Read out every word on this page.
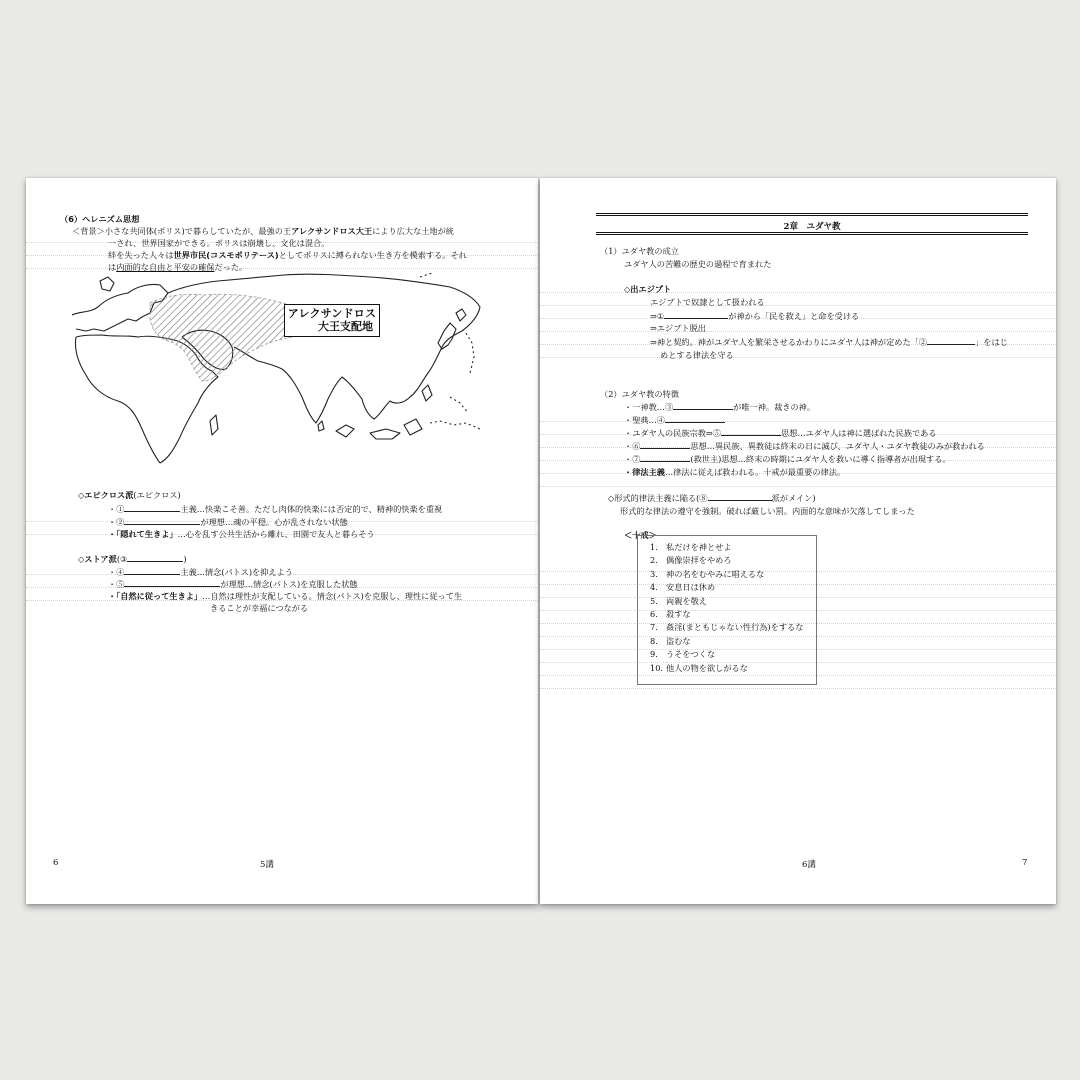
（6）ヘレニズム思想
＜背景＞小さな共同体(ポリス)で暮らしていたが、最強の王アレクサンドロス大王により広大な土地が統
一され、世界国家ができる。ポリスは崩壊し、文化は混合。
絆を失った人々は世界市民(コスモポリテース)としてポリスに縛られない生き方を模索する。それ
は内面的な自由と平安の確保だった。
アレクサンドロス
大王支配地
◇エピクロス派(エピクロス)
・①	主義…快楽こそ善。ただし肉体的快楽には否定的で、精神的快楽を重視
・②	が理想…魂の平穏。心が乱されない状態
・「隠れて生きよ」…心を乱す公共生活から離れ、田園で友人と暮らそう
◇ストア派(③	)
・④	主義…情念(パトス)を抑えよう
・⑤	が理想…情念(パトス)を克服した状態
・「自然に従って生きよ」…自然は理性が支配している。情念(パトス)を克服し、理性に従って生
きることが幸福につながる
6	5講
2章　ユダヤ教
（1）ユダヤ教の成立
ユダヤ人の苦難の歴史の過程で育まれた
◇出エジプト
エジプトで奴隷として扱われる
⇒①	が神から「民を救え」と命を受ける
⇒エジプト脱出
⇒神と契約。神がユダヤ人を繁栄させるかわりにユダヤ人は神が定めた「②	」をはじ
めとする律法を守る
（2）ユダヤ教の特徴
・一神教…③	が唯一神。裁きの神。
・聖典…④
・ユダヤ人の民族宗教⇒⑤	思想…ユダヤ人は神に選ばれた民族である
・⑥	思想…異民族、異教徒は終末の日に滅び、ユダヤ人・ユダヤ教徒のみが救われる
・⑦	(救世主)思想…終末の時期にユダヤ人を救いに導く指導者が出現する。
・律法主義…律法に従えば救われる。十戒が最重要の律法。
◇形式的律法主義に陥る(⑧	派がメイン)
形式的な律法の遵守を強制。破れば厳しい罰。内面的な意味が欠落してしまった
＜十戒＞
1. 私だけを神とせよ
2. 偶像崇拝をやめろ
3. 神の名をむやみに唱えるな
4. 安息日は休め
5. 両親を敬え
6. 殺すな
7. 姦淫(まともじゃない性行為)をするな
8. 盗むな
9. うそをつくな
10. 他人の物を欲しがるな
6講	7
